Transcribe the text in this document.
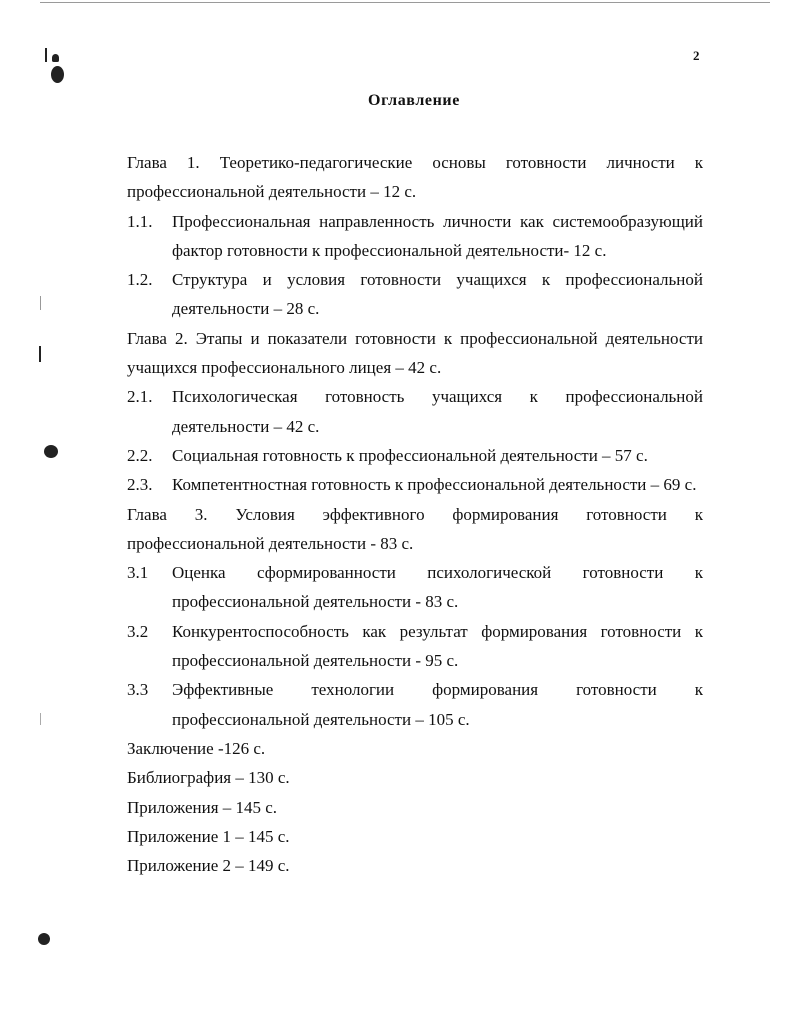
2
Оглавление
Глава 1. Теоретико-педагогические основы готовности личности к профессиональной деятельности – 12 с.
1.1. Профессиональная направленность личности как системообразующий фактор готовности к профессиональной деятельности- 12 с.
1.2. Структура и условия готовности учащихся к профессиональной деятельности – 28 с.
Глава 2. Этапы и показатели готовности к профессиональной деятельности учащихся профессионального лицея – 42 с.
2.1. Психологическая готовность учащихся к профессиональной деятельности – 42 с.
2.2. Социальная готовность к профессиональной деятельности – 57 с.
2.3. Компетентностная готовность к профессиональной деятельности – 69 с.
Глава 3. Условия эффективного формирования готовности к профессиональной деятельности - 83 с.
3.1 Оценка сформированности психологической готовности к профессиональной деятельности - 83 с.
3.2 Конкурентоспособность как результат формирования готовности к профессиональной деятельности - 95 с.
3.3 Эффективные технологии формирования готовности к профессиональной деятельности – 105 с.
Заключение -126 с.
Библиография – 130 с.
Приложения – 145 с.
Приложение 1 – 145 с.
Приложение 2 – 149 с.
